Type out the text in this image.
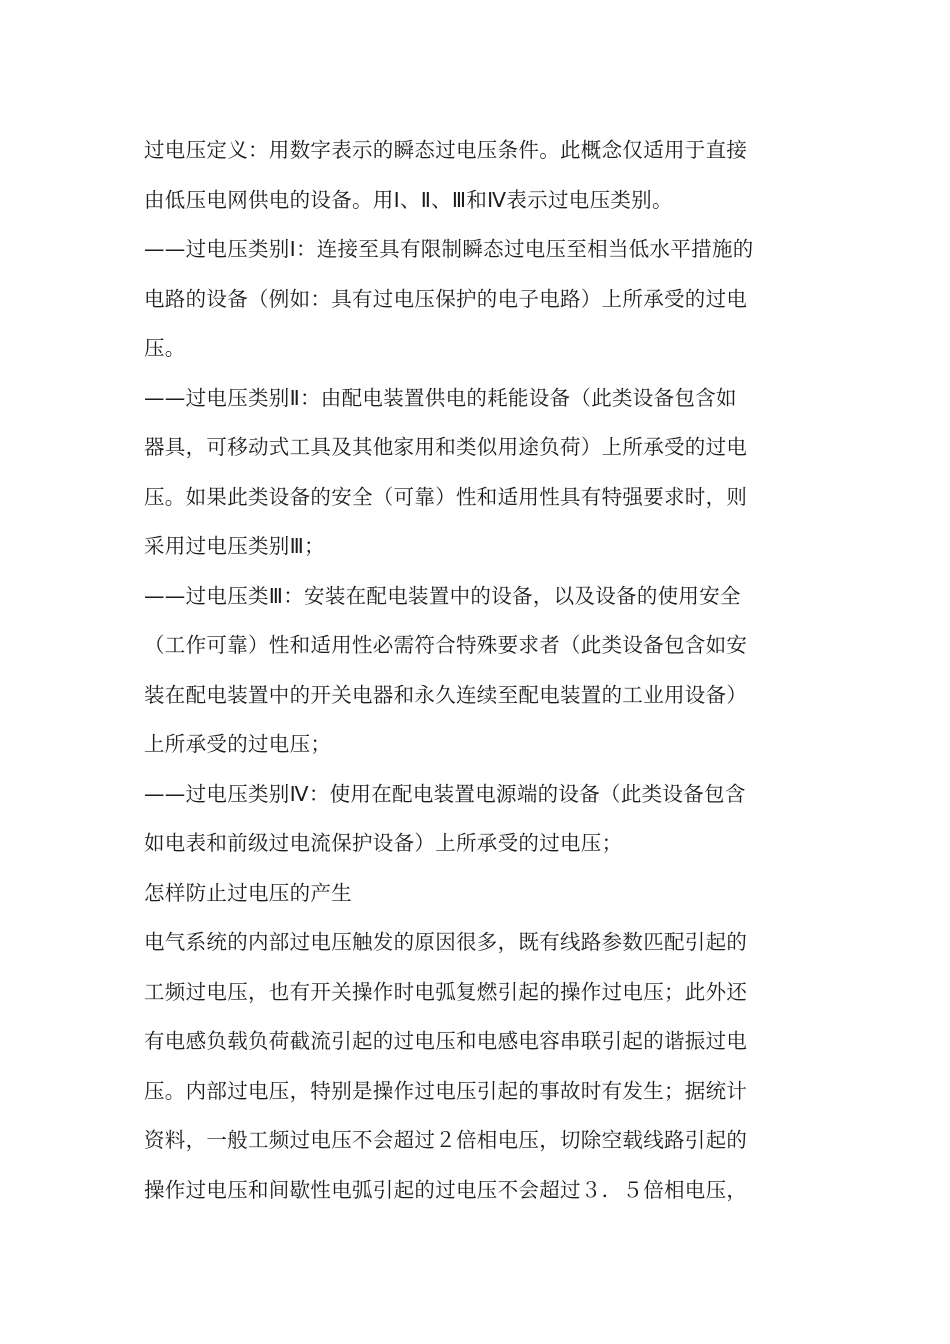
过电压定义：用数字表示的瞬态过电压条件。此概念仅适用于直接
由低压电网供电的设备。用Ⅰ、Ⅱ、Ⅲ和Ⅳ表示过电压类别。
——过电压类别Ⅰ：连接至具有限制瞬态过电压至相当低水平措施的
电路的设备（例如：具有过电压保护的电子电路）上所承受的过电
压。
——过电压类别Ⅱ：由配电装置供电的耗能设备（此类设备包含如
器具，可移动式工具及其他家用和类似用途负荷）上所承受的过电
压。如果此类设备的安全（可靠）性和适用性具有特强要求时，则
采用过电压类别Ⅲ；
——过电压类Ⅲ：安装在配电装置中的设备，以及设备的使用安全
（工作可靠）性和适用性必需符合特殊要求者（此类设备包含如安
装在配电装置中的开关电器和永久连续至配电装置的工业用设备）
上所承受的过电压；
——过电压类别Ⅳ：使用在配电装置电源端的设备（此类设备包含
如电表和前级过电流保护设备）上所承受的过电压；
怎样防止过电压的产生
电气系统的内部过电压触发的原因很多，既有线路参数匹配引起的
工频过电压，也有开关操作时电弧复燃引起的操作过电压；此外还
有电感负载负荷截流引起的过电压和电感电容串联引起的谐振过电
压。内部过电压，特别是操作过电压引起的事故时有发生；据统计
资料，一般工频过电压不会超过２倍相电压，切除空载线路引起的
操作过电压和间歇性电弧引起的过电压不会超过３．５倍相电压，
